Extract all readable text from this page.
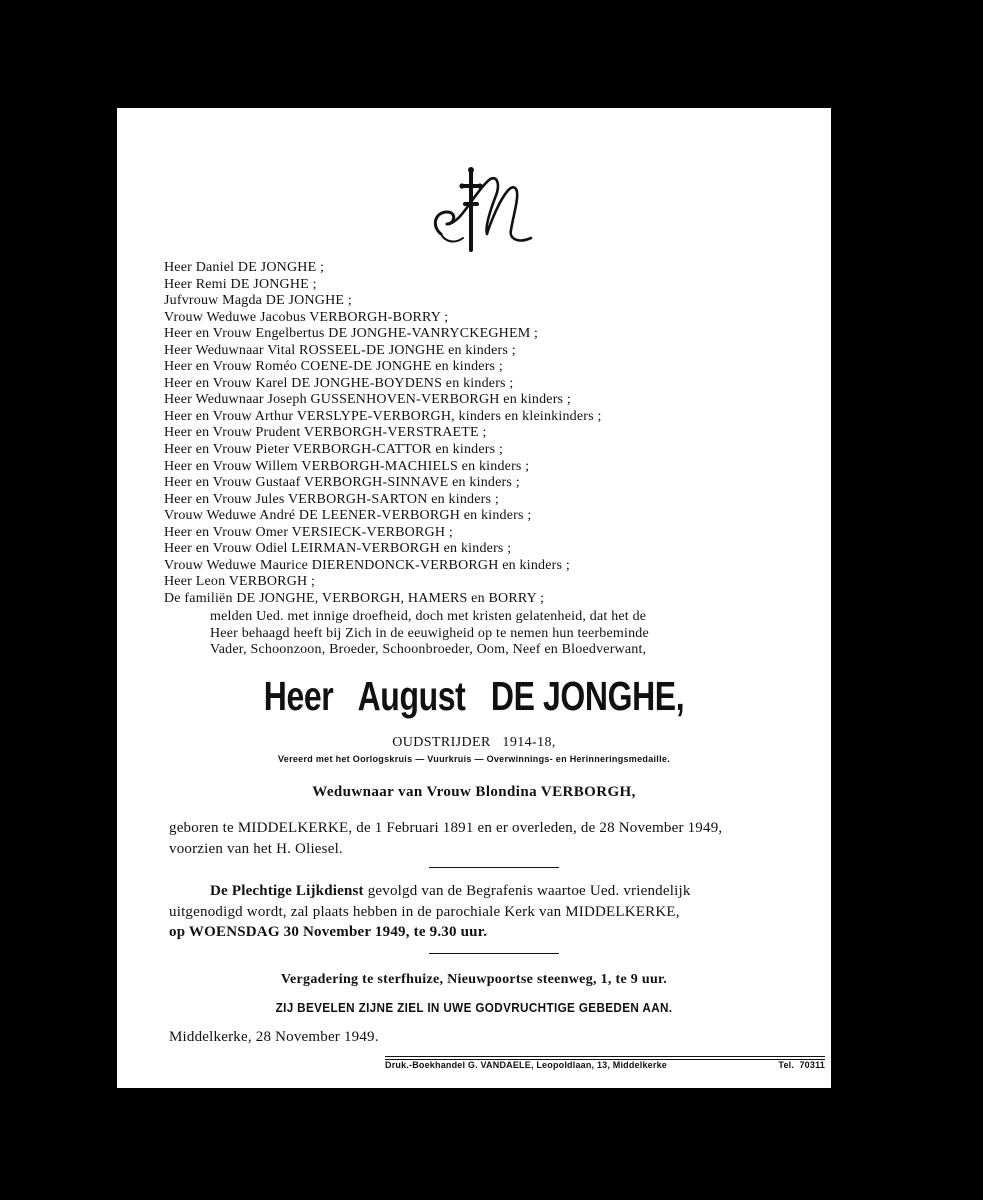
Heer Daniel DE JONGHE ;
Heer Remi DE JONGHE ;
Jufvrouw Magda DE JONGHE ;
Vrouw Weduwe Jacobus VERBORGH-BORRY ;
Heer en Vrouw Engelbertus DE JONGHE-VANRYCKEGHEM ;
Heer Weduwnaar Vital ROSSEEL-DE JONGHE en kinders ;
Heer en Vrouw Roméo COENE-DE JONGHE en kinders ;
Heer en Vrouw Karel DE JONGHE-BOYDENS en kinders ;
Heer Weduwnaar Joseph GUSSENHOVEN-VERBORGH en kinders ;
Heer en Vrouw Arthur VERSLYPE-VERBORGH, kinders en kleinkinders ;
Heer en Vrouw Prudent VERBORGH-VERSTRAETE ;
Heer en Vrouw Pieter VERBORGH-CATTOR en kinders ;
Heer en Vrouw Willem VERBORGH-MACHIELS en kinders ;
Heer en Vrouw Gustaaf VERBORGH-SINNAVE en kinders ;
Heer en Vrouw Jules VERBORGH-SARTON en kinders ;
Vrouw Weduwe André DE LEENER-VERBORGH en kinders ;
Heer en Vrouw Omer VERSIECK-VERBORGH ;
Heer en Vrouw Odiel LEIRMAN-VERBORGH en kinders ;
Vrouw Weduwe Maurice DIERENDONCK-VERBORGH en kinders ;
Heer Leon VERBORGH ;
De familiën DE JONGHE, VERBORGH, HAMERS en BORRY ;
melden Ued. met innige droefheid, doch met kristen gelatenheid, dat het de
Heer behaagd heeft bij Zich in de eeuwigheid op te nemen hun teerbeminde
Vader, Schoonzoon, Broeder, Schoonbroeder, Oom, Neef en Bloedverwant,
Heer   August   DE JONGHE,
OUDSTRIJDER   1914-18,
Vereerd met het Oorlogskruis — Vuurkruis — Overwinnings- en Herinneringsmedaille.
Weduwnaar van Vrouw Blondina VERBORGH,
geboren te MIDDELKERKE, de 1 Februari 1891 en er overleden, de 28 November 1949,
voorzien van het H. Oliesel.
De Plechtige Lijkdienst gevolgd van de Begrafenis waartoe Ued. vriendelijk
uitgenodigd wordt, zal plaats hebben in de parochiale Kerk van MIDDELKERKE,
op WOENSDAG 30 November 1949, te 9.30 uur.
Vergadering te sterfhuize, Nieuwpoortse steenweg, 1, te 9 uur.
ZIJ BEVELEN ZIJNE ZIEL IN UWE GODVRUCHTIGE GEBEDEN AAN.
Middelkerke, 28 November 1949.
Druk.-Boekhandel G. VANDAELE, Leopoldlaan, 13, Middelkerke	Tel.  70311
